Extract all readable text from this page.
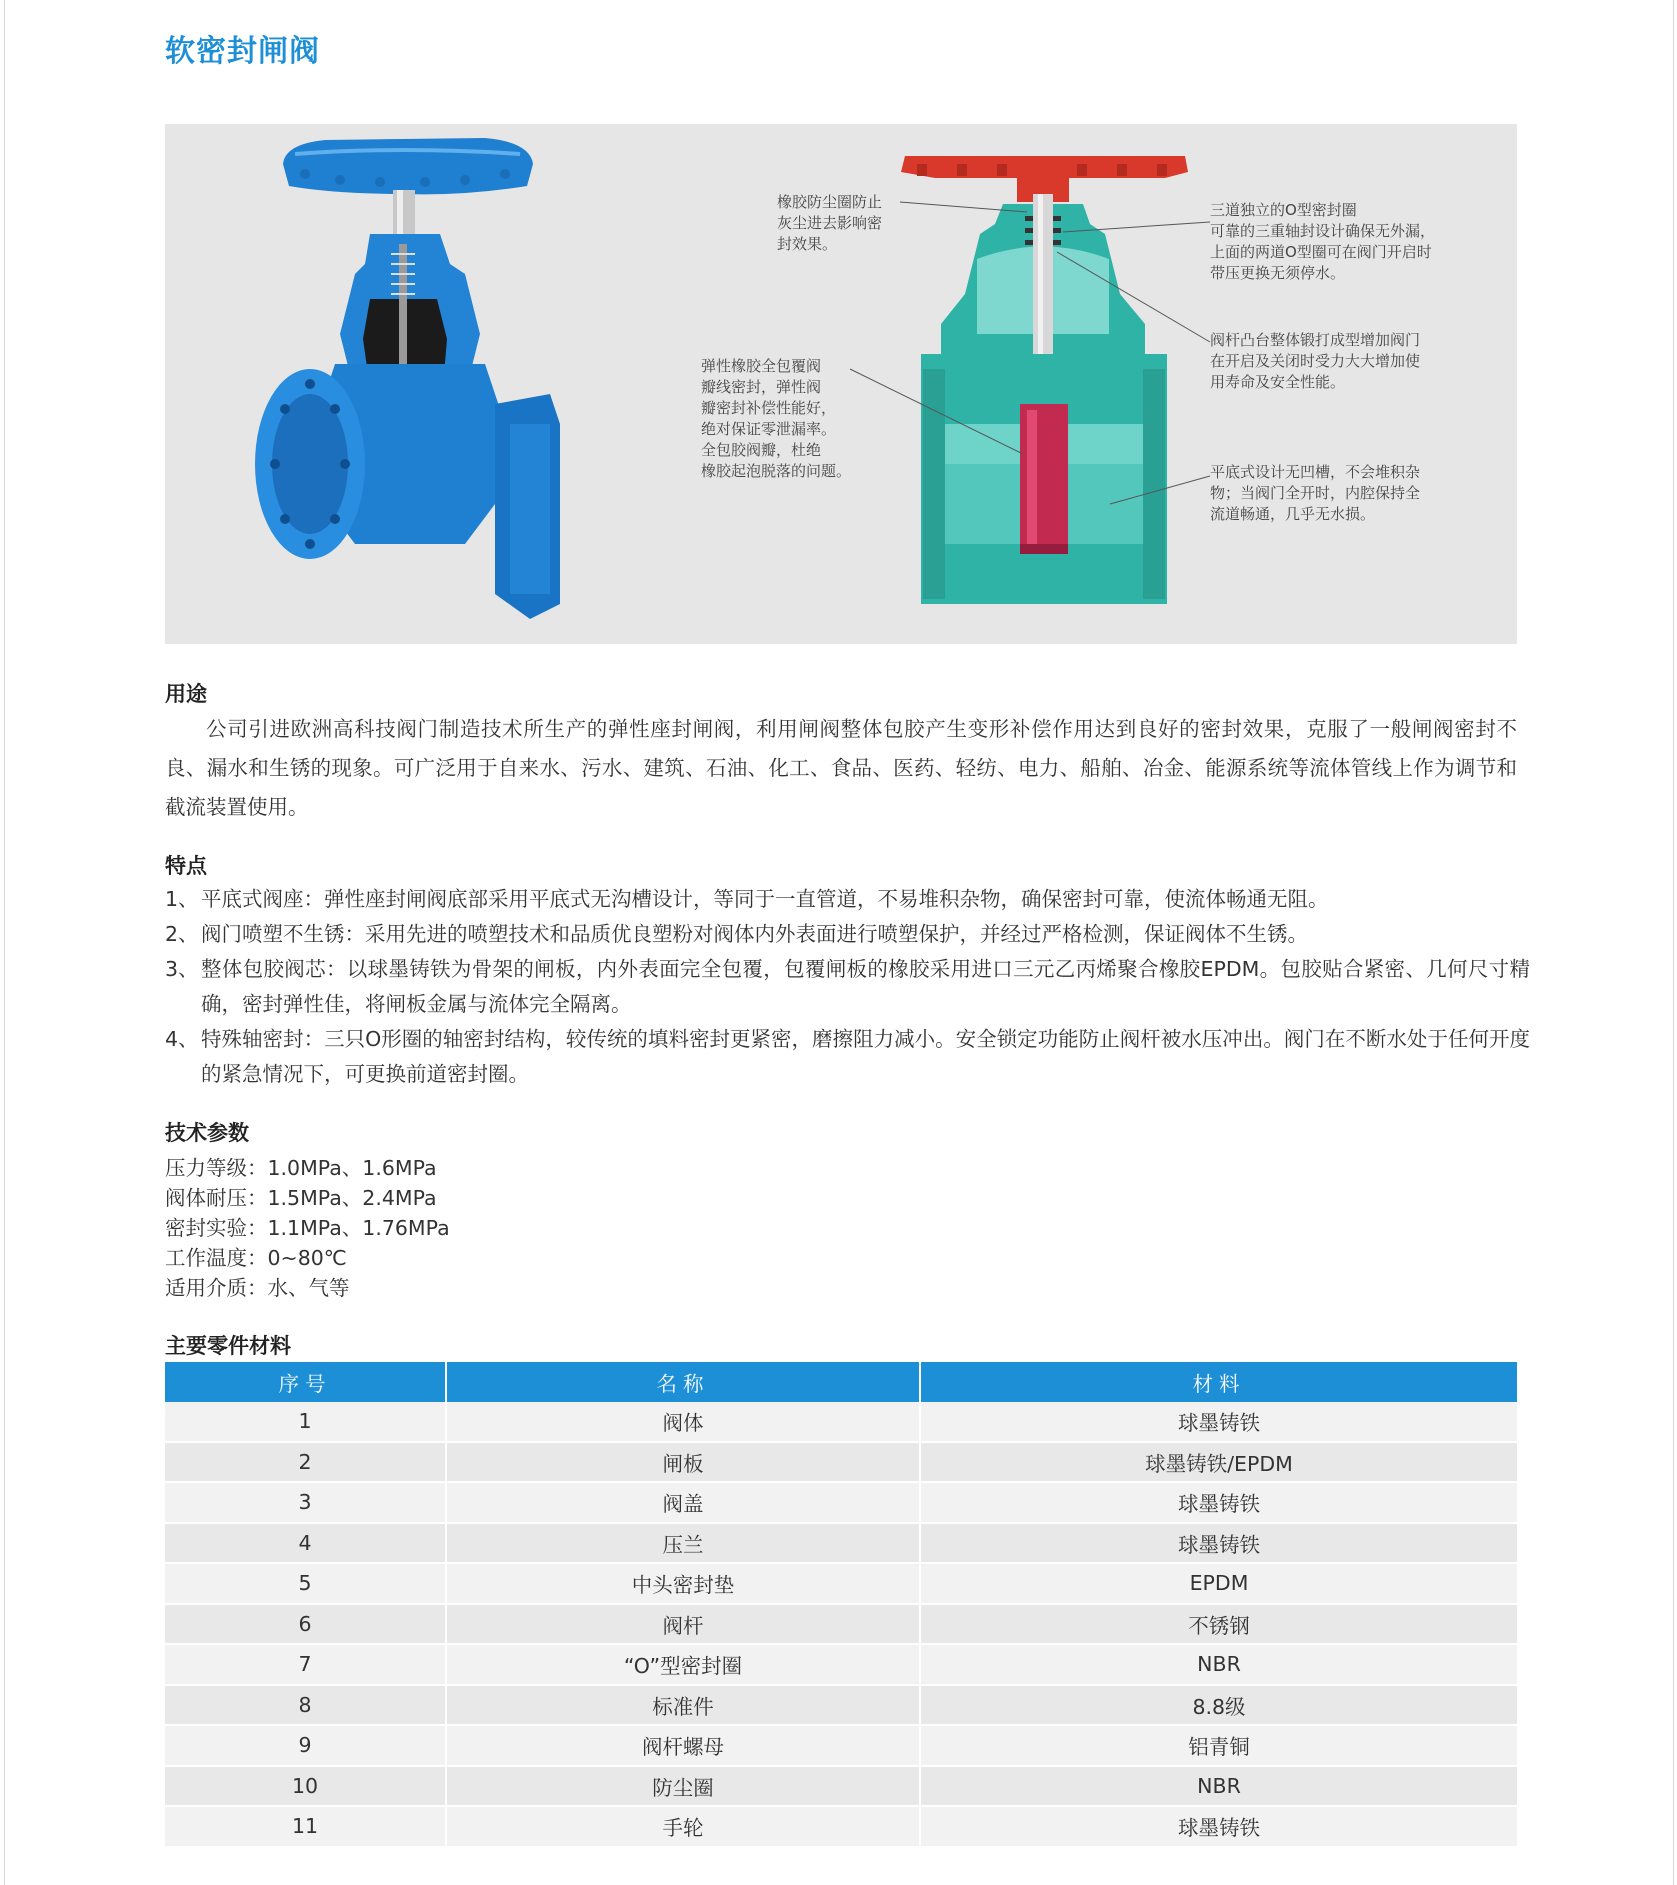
软密封闸阀
橡胶防尘圈防止
灰尘进去影响密
封效果。
弹性橡胶全包覆阀
瓣线密封，弹性阀
瓣密封补偿性能好，
绝对保证零泄漏率。
全包胶阀瓣，杜绝
橡胶起泡脱落的问题。
三道独立的O型密封圈
可靠的三重轴封设计确保无外漏，
上面的两道O型圈可在阀门开启时
带压更换无须停水。
阀杆凸台整体锻打成型增加阀门
在开启及关闭时受力大大增加使
用寿命及安全性能。
平底式设计无凹槽，不会堆积杂
物；当阀门全开时，内腔保持全
流道畅通，几乎无水损。
用途
公司引进欧洲高科技阀门制造技术所生产的弹性座封闸阀，利用闸阀整体包胶产生变形补偿作用达到良好的密封效果，克服了一般闸阀密封不良、漏水和生锈的现象。可广泛用于自来水、污水、建筑、石油、化工、食品、医药、轻纺、电力、船舶、冶金、能源系统等流体管线上作为调节和截流装置使用。
特点
1、 平底式阀座：弹性座封闸阀底部采用平底式无沟槽设计，等同于一直管道，不易堆积杂物，确保密封可靠，使流体畅通无阻。
2、 阀门喷塑不生锈：采用先进的喷塑技术和品质优良塑粉对阀体内外表面进行喷塑保护，并经过严格检测，保证阀体不生锈。
3、 整体包胶阀芯：以球墨铸铁为骨架的闸板，内外表面完全包覆，包覆闸板的橡胶采用进口三元乙丙烯聚合橡胶EPDM。包胶贴合紧密、几何尺寸精确，密封弹性佳，将闸板金属与流体完全隔离。
4、 特殊轴密封：三只O形圈的轴密封结构，较传统的填料密封更紧密，磨擦阻力减小。安全锁定功能防止阀杆被水压冲出。阀门在不断水处于任何开度的紧急情况下，可更换前道密封圈。
技术参数
压力等级：1.0MPa、1.6MPa
阀体耐压：1.5MPa、2.4MPa
密封实验：1.1MPa、1.76MPa
工作温度：0~80℃
适用介质：水、气等
主要零件材料
序号	名称	材料
1	阀体	球墨铸铁
2	闸板	球墨铸铁/EPDM
3	阀盖	球墨铸铁
4	压兰	球墨铸铁
5	中头密封垫	EPDM
6	阀杆	不锈钢
7	“O”型密封圈	NBR
8	标准件	8.8级
9	阀杆螺母	铝青铜
10	防尘圈	NBR
11	手轮	球墨铸铁
